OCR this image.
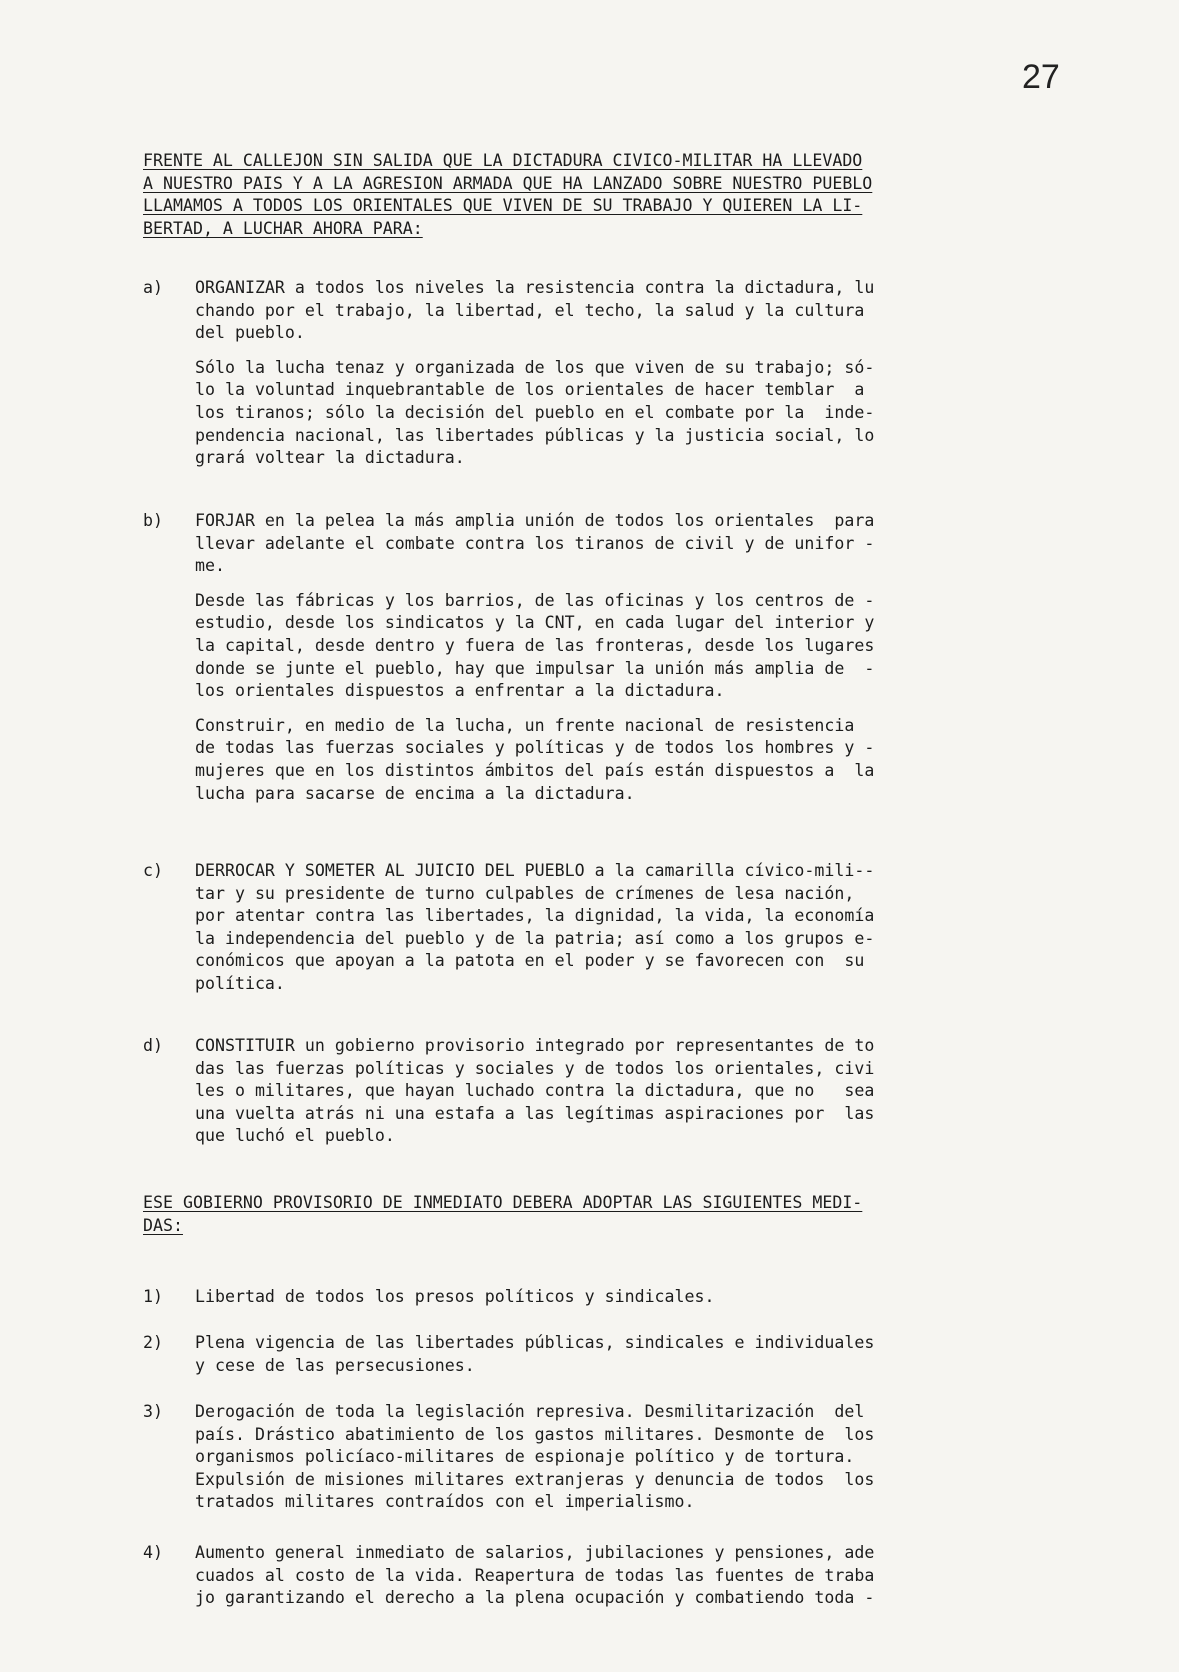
27
FRENTE AL CALLEJON SIN SALIDA QUE LA DICTADURA CIVICO-MILITAR HA LLEVADO
A NUESTRO PAIS Y A LA AGRESION ARMADA QUE HA LANZADO SOBRE NUESTRO PUEBLO
LLAMAMOS A TODOS LOS ORIENTALES QUE VIVEN DE SU TRABAJO Y QUIEREN LA LI-
BERTAD, A LUCHAR AHORA PARA:
a) ORGANIZAR a todos los niveles la resistencia contra la dictadura, lu
chando por el trabajo, la libertad, el techo, la salud y la cultura
del pueblo.

Sólo la lucha tenaz y organizada de los que viven de su trabajo; só-
lo la voluntad inquebrantable de los orientales de hacer temblar  a
los tiranos; sólo la decisión del pueblo en el combate por la  inde-
pendencia nacional, las libertades públicas y la justicia social, lo
grará voltear la dictadura.

b) FORJAR en la pelea la más amplia unión de todos los orientales  para
llevar adelante el combate contra los tiranos de civil y de unifor -
me.

Desde las fábricas y los barrios, de las oficinas y los centros de -
estudio, desde los sindicatos y la CNT, en cada lugar del interior y
la capital, desde dentro y fuera de las fronteras, desde los lugares
donde se junte el pueblo, hay que impulsar la unión más amplia de  -
los orientales dispuestos a enfrentar a la dictadura.

Construir, en medio de la lucha, un frente nacional de resistencia
de todas las fuerzas sociales y políticas y de todos los hombres y -
mujeres que en los distintos ámbitos del país están dispuestos a  la
lucha para sacarse de encima a la dictadura.

c) DERROCAR Y SOMETER AL JUICIO DEL PUEBLO a la camarilla cívico-mili--
tar y su presidente de turno culpables de crímenes de lesa nación,
por atentar contra las libertades, la dignidad, la vida, la economía
la independencia del pueblo y de la patria; así como a los grupos e-
conómicos que apoyan a la patota en el poder y se favorecen con  su
política.

d) CONSTITUIR un gobierno provisorio integrado por representantes de to
das las fuerzas políticas y sociales y de todos los orientales, civi
les o militares, que hayan luchado contra la dictadura, que no   sea
una vuelta atrás ni una estafa a las legítimas aspiraciones por  las
que luchó el pueblo.

ESE GOBIERNO PROVISORIO DE INMEDIATO DEBERA ADOPTAR LAS SIGUIENTES MEDI-
DAS:
1) Libertad de todos los presos políticos y sindicales.
2) Plena vigencia de las libertades públicas, sindicales e individuales
y cese de las persecusiones.
3) Derogación de toda la legislación represiva. Desmilitarización  del
país. Drástico abatimiento de los gastos militares. Desmonte de  los
organismos policíaco-militares de espionaje político y de tortura.
Expulsión de misiones militares extranjeras y denuncia de todos  los
tratados militares contraídos con el imperialismo.
4) Aumento general inmediato de salarios, jubilaciones y pensiones, ade
cuados al costo de la vida. Reapertura de todas las fuentes de traba
jo garantizando el derecho a la plena ocupación y combatiendo toda -
